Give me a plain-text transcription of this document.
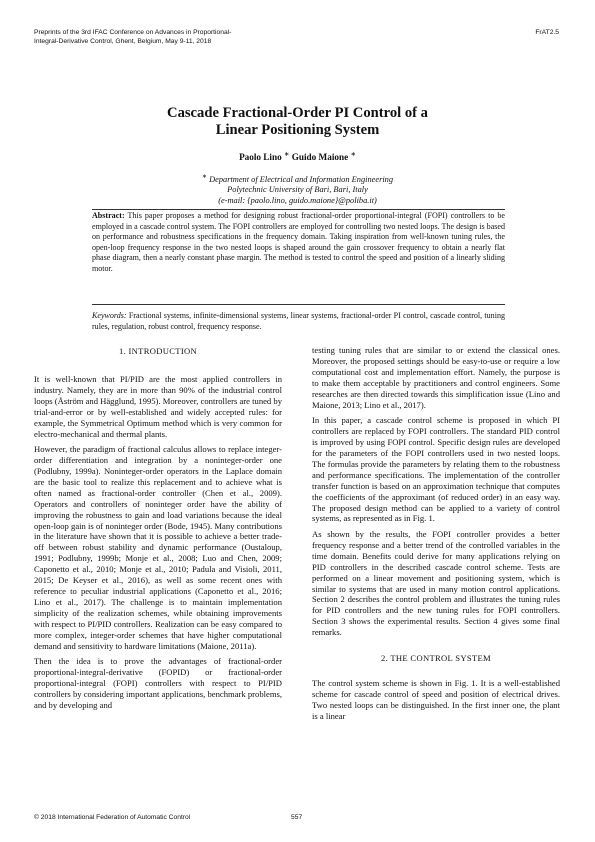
Preprints of the 3rd IFAC Conference on Advances in Proportional-
Integral-Derivative Control, Ghent, Belgium, May 9-11, 2018
FrAT2.5
Cascade Fractional-Order PI Control of a
Linear Positioning System
Paolo Lino ∗ Guido Maione ∗
∗ Department of Electrical and Information Engineering
Polytechnic University of Bari, Bari, Italy
(e-mail: {paolo.lino, guido.maione}@poliba.it)

Abstract: This paper proposes a method for designing robust fractional-order proportional-integral (FOPI) controllers to be employed in a cascade control system. The FOPI controllers are employed for controlling two nested loops. The design is based on performance and robustness specifications in the frequency domain. Taking inspiration from well-known tuning rules, the open-loop frequency response in the two nested loops is shaped around the gain crossover frequency to obtain a nearly flat phase diagram, then a nearly constant phase margin. The method is tested to control the speed and position of a linearly sliding motor.

Keywords: Fractional systems, infinite-dimensional systems, linear systems, fractional-order PI control, cascade control, tuning rules, regulation, robust control, frequency response.

1. INTRODUCTION

It is well-known that PI/PID are the most applied controllers in industry. Namely, they are in more than 90% of the industrial control loops (Åström and Hägglund, 1995). Moreover, controllers are tuned by trial-and-error or by well-established and widely accepted rules: for example, the Symmetrical Optimum method which is very common for electro-mechanical and thermal plants.

However, the paradigm of fractional calculus allows to replace integer-order differentiation and integration by a noninteger-order one (Podlubny, 1999a). Noninteger-order operators in the Laplace domain are the basic tool to realize this replacement and to achieve what is often named as fractional-order controller (Chen et al., 2009). Operators and controllers of noninteger order have the ability of improving the robustness to gain and load variations because the ideal open-loop gain is of noninteger order (Bode, 1945). Many contributions in the literature have shown that it is possible to achieve a better trade-off between robust stability and dynamic performance (Oustaloup, 1991; Podlubny, 1999b; Monje et al., 2008; Luo and Chen, 2009; Caponetto et al., 2010; Monje et al., 2010; Padula and Visioli, 2011, 2015; De Keyser et al., 2016), as well as some recent ones with reference to peculiar industrial applications (Caponetto et al., 2016; Lino et al., 2017). The challenge is to maintain implementation simplicity of the realization schemes, while obtaining improvements with respect to PI/PID controllers. Realization can be easy compared to more complex, integer-order schemes that have higher computational demand and sensitivity to hardware limitations (Maione, 2011a).

Then the idea is to prove the advantages of fractional-order proportional-integral-derivative (FOPID) or fractional-order proportional-integral (FOPI) controllers with respect to PI/PID controllers by considering important applications, benchmark problems, and by developing and

testing tuning rules that are similar to or extend the classical ones. Moreover, the proposed settings should be easy-to-use or require a low computational cost and implementation effort. Namely, the purpose is to make them acceptable by practitioners and control engineers. Some researches are then directed towards this simplification issue (Lino and Maione, 2013; Lino et al., 2017).

In this paper, a cascade control scheme is proposed in which PI controllers are replaced by FOPI controllers. The standard PID control is improved by using FOPI control. Specific design rules are developed for the parameters of the FOPI controllers used in two nested loops. The formulas provide the parameters by relating them to the robustness and performance specifications. The implementation of the controller transfer function is based on an approximation technique that computes the coefficients of the approximant (of reduced order) in an easy way. The proposed design method can be applied to a variety of control systems, as represented as in Fig. 1.

As shown by the results, the FOPI controller provides a better frequency response and a better trend of the controlled variables in the time domain. Benefits could derive for many applications relying on PID controllers in the described cascade control scheme. Tests are performed on a linear movement and positioning system, which is similar to systems that are used in many motion control applications. Section 2 describes the control problem and illustrates the tuning rules for PID controllers and the new tuning rules for FOPI controllers. Section 3 shows the experimental results. Section 4 gives some final remarks.

2. THE CONTROL SYSTEM

The control system scheme is shown in Fig. 1. It is a well-established scheme for cascade control of speed and position of electrical drives. Two nested loops can be distinguished. In the first inner one, the plant is a linear

© 2018 International Federation of Automatic Control	557
